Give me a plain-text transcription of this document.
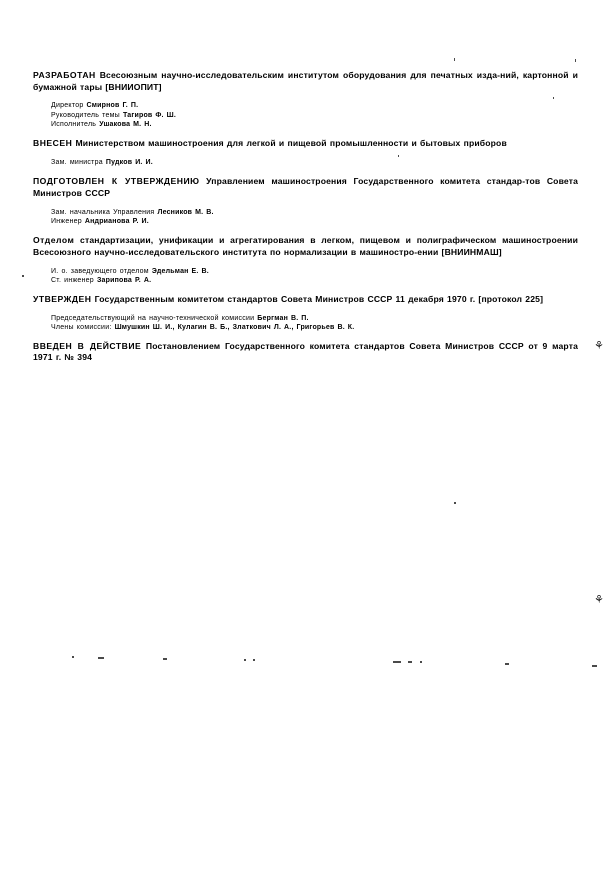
⚘
⚘

РАЗРАБОТАН Всесоюзным научно-исследовательским институтом оборудования для печатных изда-ний, картонной и бумажной тары [ВНИИОПИТ]

Директор Смирнов Г. П.
Руководитель темы Тагиров Ф. Ш.
Исполнитель Ушакова М. Н.

ВНЕСЕН Министерством машиностроения для легкой и пищевой промышленности и бытовых приборов

Зам. министра Пудков И. И.

ПОДГОТОВЛЕН К УТВЕРЖДЕНИЮ Управлением машиностроения Государственного комитета стандар-тов Совета Министров СССР

Зам. начальника Управления Лесников М. В.
Инженер Андрианова Р. И.

Отделом стандартизации, унификации и агрегатирования в легком, пищевом и полиграфическом машиностроении Всесоюзного научно-исследовательского института по нормализации в машиностро-ении [ВНИИНМАШ]

И. о. заведующего отделом Эдельман Е. В.
Ст. инженер Зарипова Р. А.

УТВЕРЖДЕН Государственным комитетом стандартов Совета Министров СССР 11 декабря 1970 г. [протокол 225]

Председательствующий на научно-технической комиссии Бергман В. П.
Члены комиссии: Шмушкин Ш. И., Кулагин В. Б., Златкович Л. А., Григорьев В. К.

ВВЕДЕН В ДЕЙСТВИЕ Постановлением Государственного комитета стандартов Совета Министров СССР от 9 марта 1971 г. № 394
